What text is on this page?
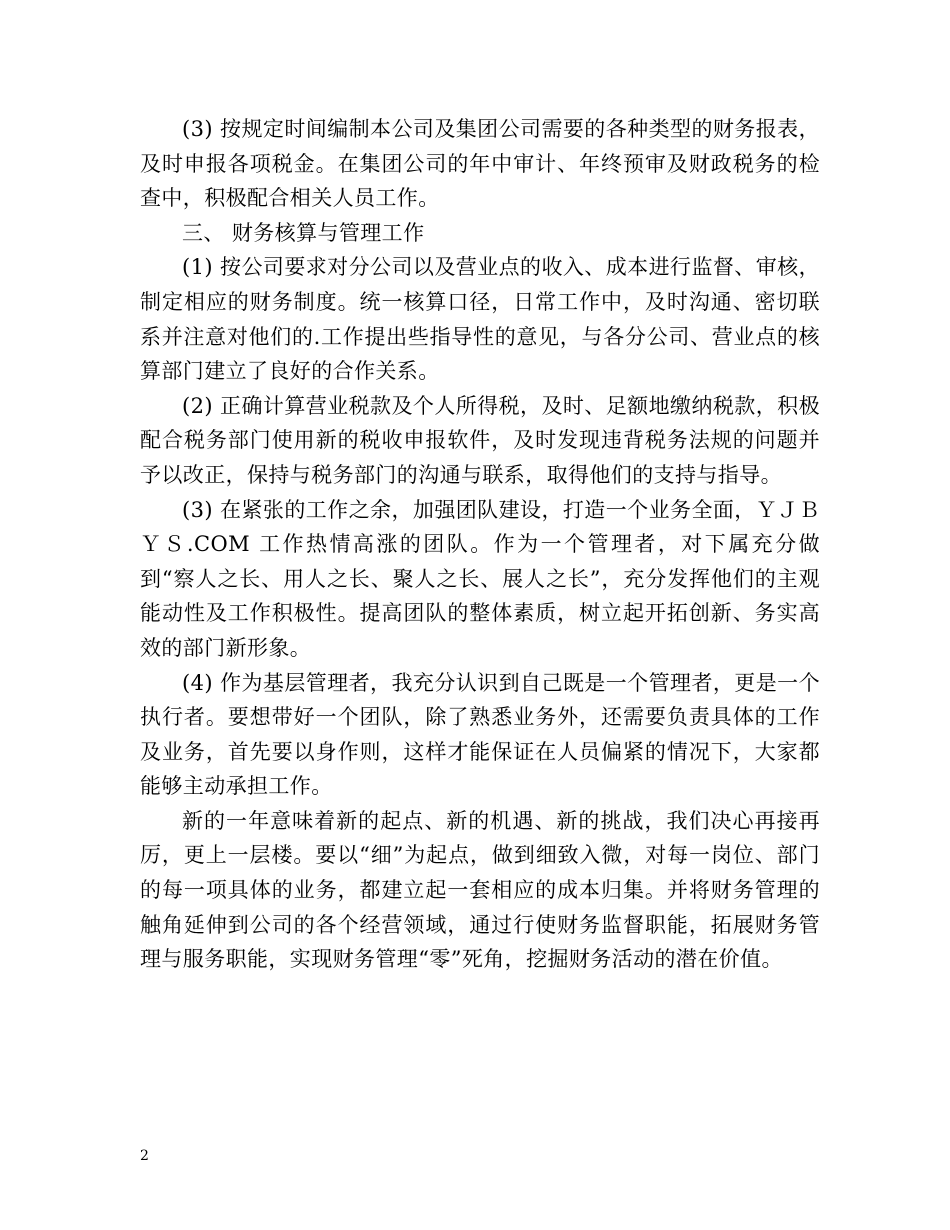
(3) 按规定时间编制本公司及集团公司需要的各种类型的财务报表，及时申报各项税金。在集团公司的年中审计、年终预审及财政税务的检查中，积极配合相关人员工作。

三、 财务核算与管理工作

(1) 按公司要求对分公司以及营业点的收入、成本进行监督、审核，制定相应的财务制度。统一核算口径，日常工作中，及时沟通、密切联系并注意对他们的.工作提出些指导性的意见，与各分公司、营业点的核算部门建立了良好的合作关系。

(2) 正确计算营业税款及个人所得税，及时、足额地缴纳税款，积极配合税务部门使用新的税收申报软件，及时发现违背税务法规的问题并予以改正，保持与税务部门的沟通与联系，取得他们的支持与指导。

(3) 在紧张的工作之余，加强团队建设，打造一个业务全面，ＹＪＢＹＳ.COM 工作热情高涨的团队。作为一个管理者，对下属充分做到“察人之长、用人之长、聚人之长、展人之长”，充分发挥他们的主观能动性及工作积极性。提高团队的整体素质，树立起开拓创新、务实高效的部门新形象。

(4) 作为基层管理者，我充分认识到自己既是一个管理者，更是一个执行者。要想带好一个团队，除了熟悉业务外，还需要负责具体的工作及业务，首先要以身作则，这样才能保证在人员偏紧的情况下，大家都能够主动承担工作。

新的一年意味着新的起点、新的机遇、新的挑战，我们决心再接再厉，更上一层楼。要以“细”为起点，做到细致入微，对每一岗位、部门的每一项具体的业务，都建立起一套相应的成本归集。并将财务管理的触角延伸到公司的各个经营领域，通过行使财务监督职能，拓展财务管理与服务职能，实现财务管理“零”死角，挖掘财务活动的潜在价值。

2
